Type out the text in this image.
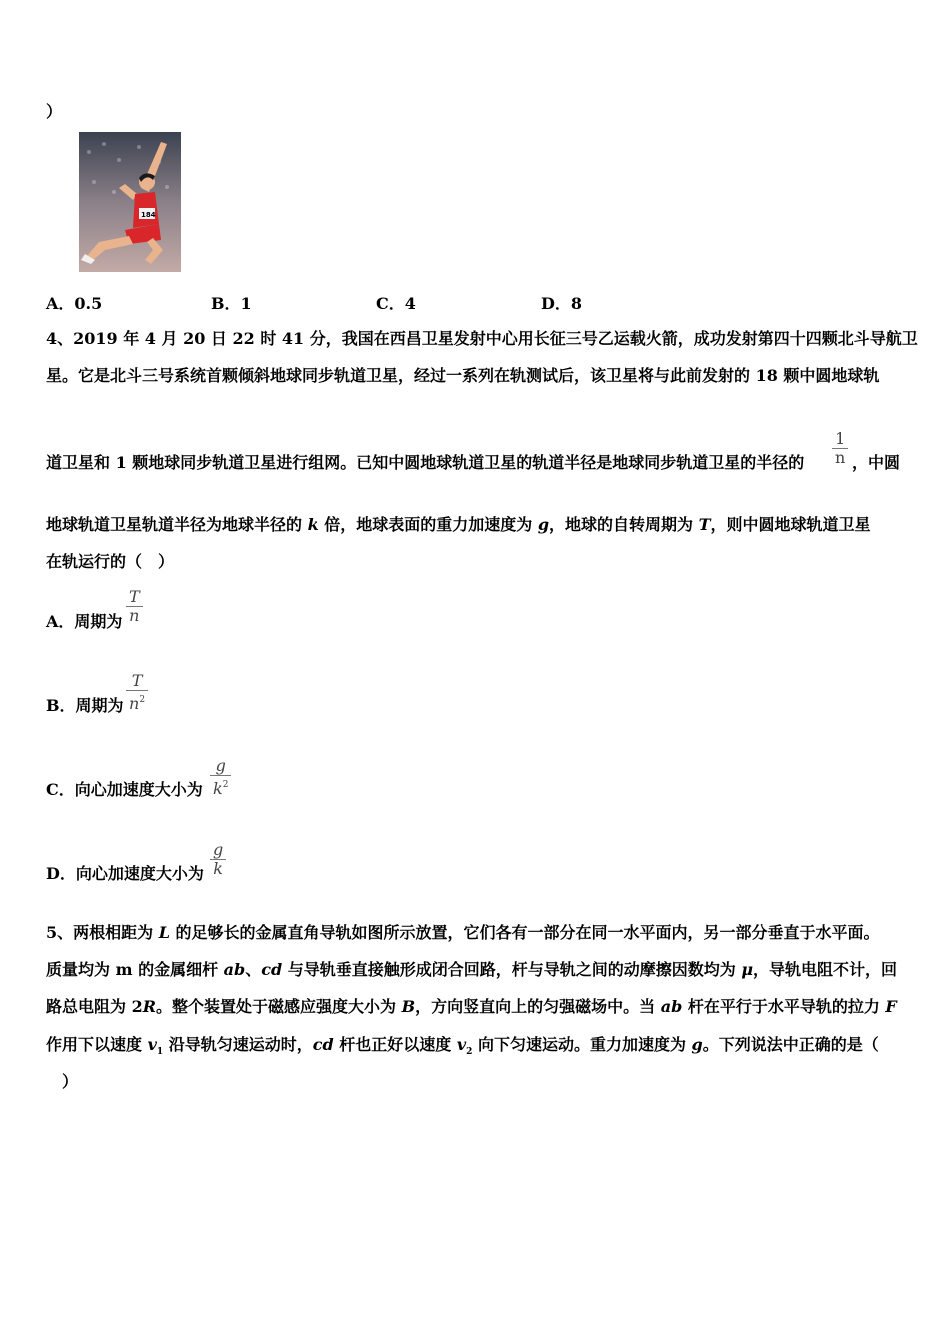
）
184
A．0.5	B．1	C．4	D．8
4、2019 年 4 月 20 日 22 时 41 分，我国在西昌卫星发射中心用长征三号乙运载火箭，成功发射第四十四颗北斗导航卫
星。它是北斗三号系统首颗倾斜地球同步轨道卫星，经过一系列在轨测试后，该卫星将与此前发射的 18 颗中圆地球轨
道卫星和 1 颗地球同步轨道卫星进行组网。已知中圆地球轨道卫星的轨道半径是地球同步轨道卫星的半径的
1
n ，中圆
地球轨道卫星轨道半径为地球半径的 k 倍，地球表面的重力加速度为 g，地球的自转周期为 T，则中圆地球轨道卫星
在轨运行的（　）
A．周期为
T
n
B．周期为
T
$n^2$
C．向心加速度大小为
g
$k^2$
D．向心加速度大小为
g
k
5、两根相距为 L 的足够长的金属直角导轨如图所示放置，它们各有一部分在同一水平面内，另一部分垂直于水平面。
质量均为 m 的金属细杆 ab、cd 与导轨垂直接触形成闭合回路，杆与导轨之间的动摩擦因数均为 μ，导轨电阻不计，回
路总电阻为 2R。整个装置处于磁感应强度大小为 B，方向竖直向上的匀强磁场中。当 ab 杆在平行于水平导轨的拉力 F
作用下以速度 $v_1$ 沿导轨匀速运动时，cd 杆也正好以速度 $v_2$ 向下匀速运动。重力加速度为 g。下列说法中正确的是（
）
